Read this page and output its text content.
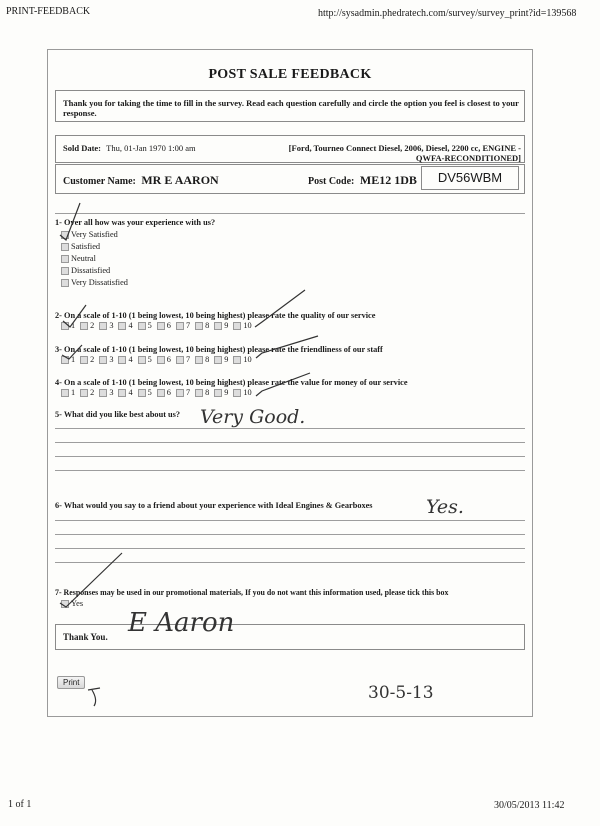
PRINT-FEEDBACK	http://sysadmin.phedratech.com/survey/survey_print?id=139568
1 of 1	30/05/2013 11:42
POST SALE FEEDBACK
Thank you for taking the time to fill in the survey. Read each question carefully and circle the option you feel is closest to your response.
Sold Date: Thu, 01-Jan 1970 1:00 am	[Ford, Tourneo Connect Diesel, 2006, Diesel, 2200 cc, ENGINE -
QWFA-RECONDITIONED]
Customer Name: MR E AARON	Post Code: ME12 1DB	DV56WBM
1- Over all how was your experience with us?
Very Satisfied
Satisfied
Neutral
Dissatisfied
Very Dissatisfied
2- On a scale of 1-10 (1 being lowest, 10 being highest) please rate the quality of our service
1 2 3 4 5 6 7 8 9 10
3- On a scale of 1-10 (1 being lowest, 10 being highest) please rate the friendliness of our staff
1 2 3 4 5 6 7 8 9 10
4- On a scale of 1-10 (1 being lowest, 10 being highest) please rate the value for money of our service
1 2 3 4 5 6 7 8 9 10
5- What did you like best about us? Very Good.
6- What would you say to a friend about your experience with Ideal Engines & Gearboxes	Yes.
7- Responses may be used in our promotional materials, If you do not want this information used, please tick this box
Yes
Thank You. E Aaron
Print
30-5-13
